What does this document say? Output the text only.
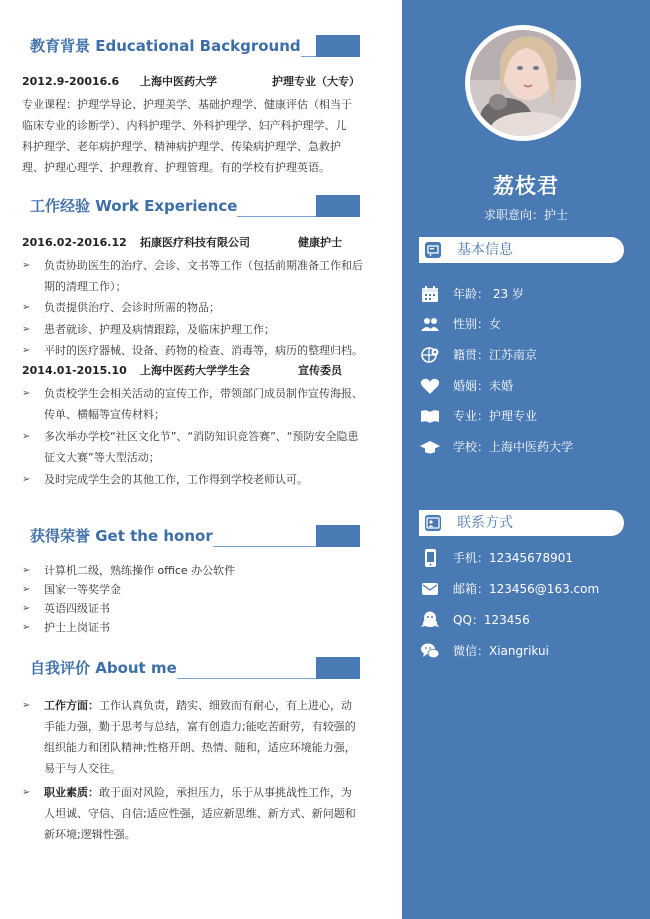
教育背景 Educational Background
2012.9-20016.6 上海中医药大学	护理专业（大专）
专业课程：护理学导论、护理美学、基础护理学、健康评估（相当于临床专业的诊断学）、内科护理学、外科护理学、妇产科护理学、儿科护理学、老年病护理学、精神病护理学、传染病护理学、急救护理、护理心理学、护理教育、护理管理。有的学校有护理英语。
工作经验 Work Experience
2016.02-2016.12 拓康医疗科技有限公司	健康护士
➢ 负责协助医生的治疗、会诊、文书等工作（包括前期准备工作和后期的清理工作）；
➢ 负责提供治疗、会诊时所需的物品；
➢ 患者就诊、护理及病情跟踪，及临床护理工作；
➢ 平时的医疗器械、设备、药物的检查、消毒等，病历的整理归档。
2014.01-2015.10 上海中医药大学学生会	宣传委员
➢ 负责校学生会相关活动的宣传工作，带领部门成员制作宣传海报、传单、横幅等宣传材料；
➢ 多次举办学校“社区文化节”、“消防知识竞答赛”、“预防安全隐患征文大赛”等大型活动；
➢ 及时完成学生会的其他工作，工作得到学校老师认可。
获得荣誉 Get the honor
➢ 计算机二级，熟练操作 office 办公软件
➢ 国家一等奖学金
➢ 英语四级证书
➢ 护士上岗证书
自我评价 About me
➢ 工作方面：工作认真负责，踏实、细致而有耐心，有上进心，动手能力强，勤于思考与总结，富有创造力;能吃苦耐劳，有较强的组织能力和团队精神;性格开朗、热情、随和，适应环境能力强，易于与人交往。
➢ 职业素质：敢于面对风险，承担压力，乐于从事挑战性工作，为人坦诚、守信、自信;适应性强，适应新思维、新方式、新问题和新环境;逻辑性强。
荔枝君
求职意向：护士
基本信息
年龄： 23 岁
性别：女
籍贯：江苏南京
婚姻：未婚
专业：护理专业
学校：上海中医药大学
联系方式
手机：12345678901
邮箱：123456@163.com
QQ：123456
微信：Xiangrikui
